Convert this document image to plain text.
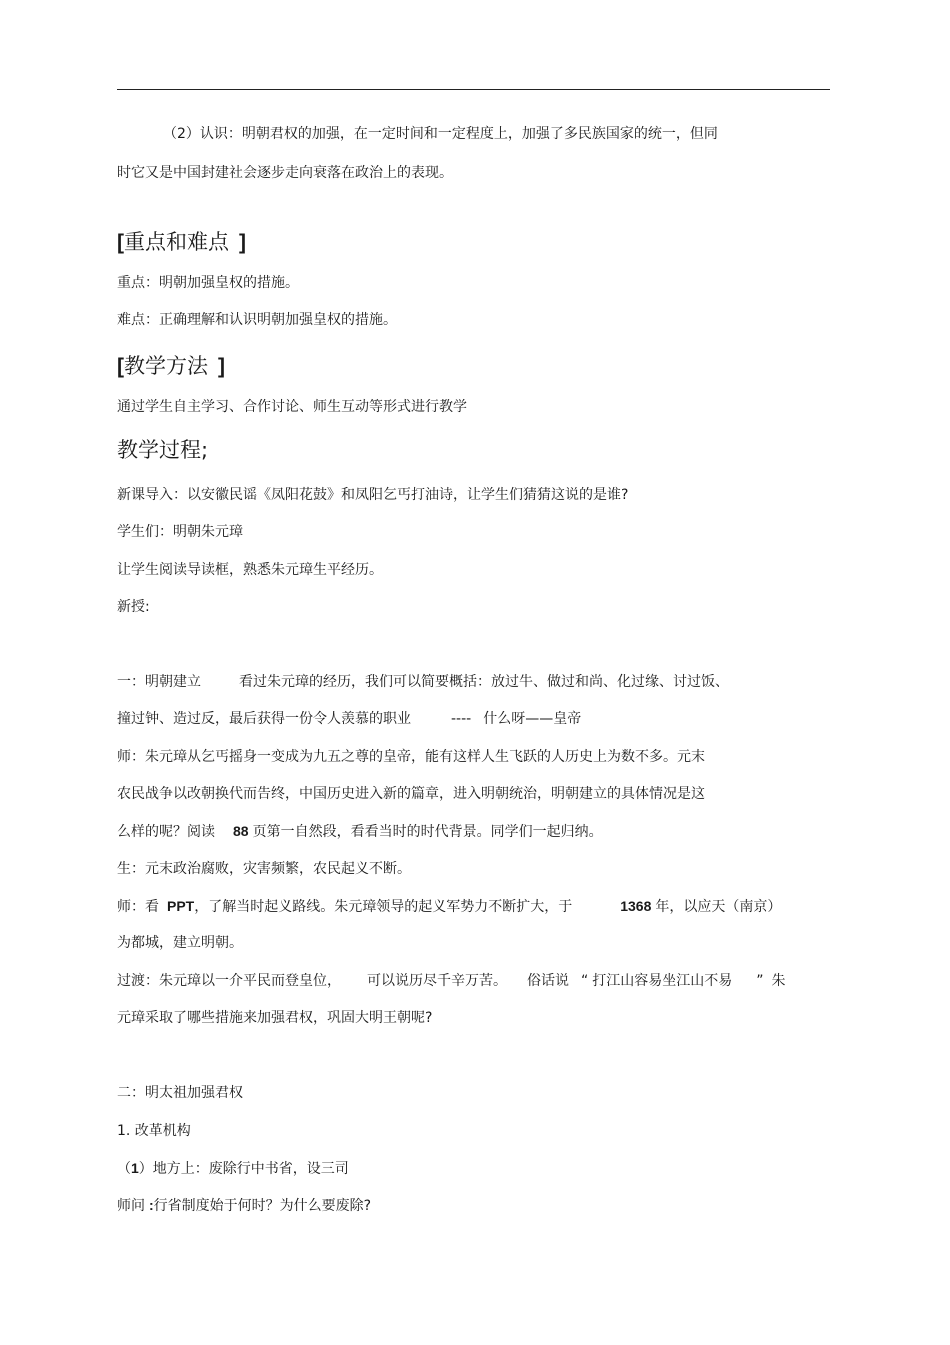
（2）认识：明朝君权的加强，在一定时间和一定程度上，加强了多民族国家的统一，但同
时它又是中国封建社会逐步走向衰落在政治上的表现。
[重点和难点 ]
重点：明朝加强皇权的措施。
难点：正确理解和认识明朝加强皇权的措施。
[教学方法 ]
通过学生自主学习、合作讨论、师生互动等形式进行教学
教学过程;
新课导入：以安徽民谣《凤阳花鼓》和凤阳乞丐打油诗，让学生们猜猜这说的是谁?
学生们：明朝朱元璋
让学生阅读导读框，熟悉朱元璋生平经历。
新授:
一：明朝建立	看过朱元璋的经历，我们可以简要概括：放过牛、做过和尚、化过缘、讨过饭、
撞过钟、造过反，最后获得一份令人羡慕的职业	---- 什么呀——皇帝
师：朱元璋从乞丐摇身一变成为九五之尊的皇帝，能有这样人生飞跃的人历史上为数不多。元末
农民战争以改朝换代而告终，中国历史进入新的篇章，进入明朝统治，明朝建立的具体情况是这
么样的呢？阅读 88 页第一自然段，看看当时的时代背景。同学们一起归纳。
生：元末政治腐败，灾害频繁，农民起义不断。
师：看 PPT，了解当时起义路线。朱元璋领导的起义军势力不断扩大，于	1368 年，以应天（南京）
为都城，建立明朝。
过渡：朱元璋以一介平民而登皇位， 可以说历尽千辛万苦。 俗话说 “ 打江山容易坐江山不易 ” 朱
元璋采取了哪些措施来加强君权，巩固大明王朝呢?
二：明太祖加强君权
1. 改革机构
（1）地方上：废除行中书省，设三司
师问 :行省制度始于何时？为什么要废除?
